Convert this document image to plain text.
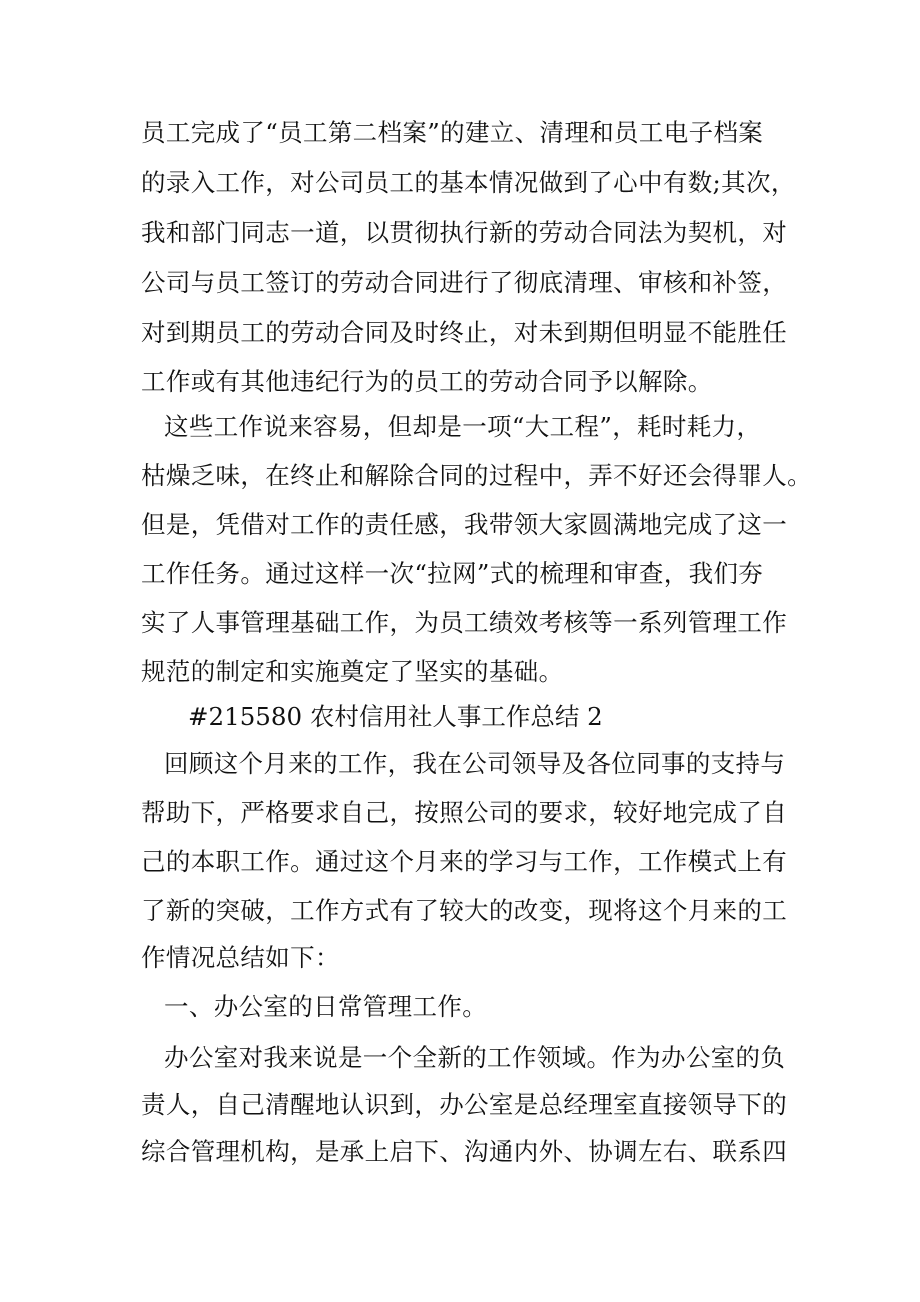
员工完成了“员工第二档案”的建立、清理和员工电子档案
的录入工作，对公司员工的基本情况做到了心中有数;其次，
我和部门同志一道，以贯彻执行新的劳动合同法为契机，对
公司与员工签订的劳动合同进行了彻底清理、审核和补签，
对到期员工的劳动合同及时终止，对未到期但明显不能胜任
工作或有其他违纪行为的员工的劳动合同予以解除。
这些工作说来容易，但却是一项“大工程”，耗时耗力，
枯燥乏味，在终止和解除合同的过程中，弄不好还会得罪人。
但是，凭借对工作的责任感，我带领大家圆满地完成了这一
工作任务。通过这样一次“拉网”式的梳理和审查，我们夯
实了人事管理基础工作，为员工绩效考核等一系列管理工作
规范的制定和实施奠定了坚实的基础。
#215580 农村信用社人事工作总结 2
回顾这个月来的工作，我在公司领导及各位同事的支持与
帮助下，严格要求自己，按照公司的要求，较好地完成了自
己的本职工作。通过这个月来的学习与工作，工作模式上有
了新的突破，工作方式有了较大的改变，现将这个月来的工
作情况总结如下：
一、办公室的日常管理工作。
办公室对我来说是一个全新的工作领域。作为办公室的负
责人，自己清醒地认识到，办公室是总经理室直接领导下的
综合管理机构，是承上启下、沟通内外、协调左右、联系四
